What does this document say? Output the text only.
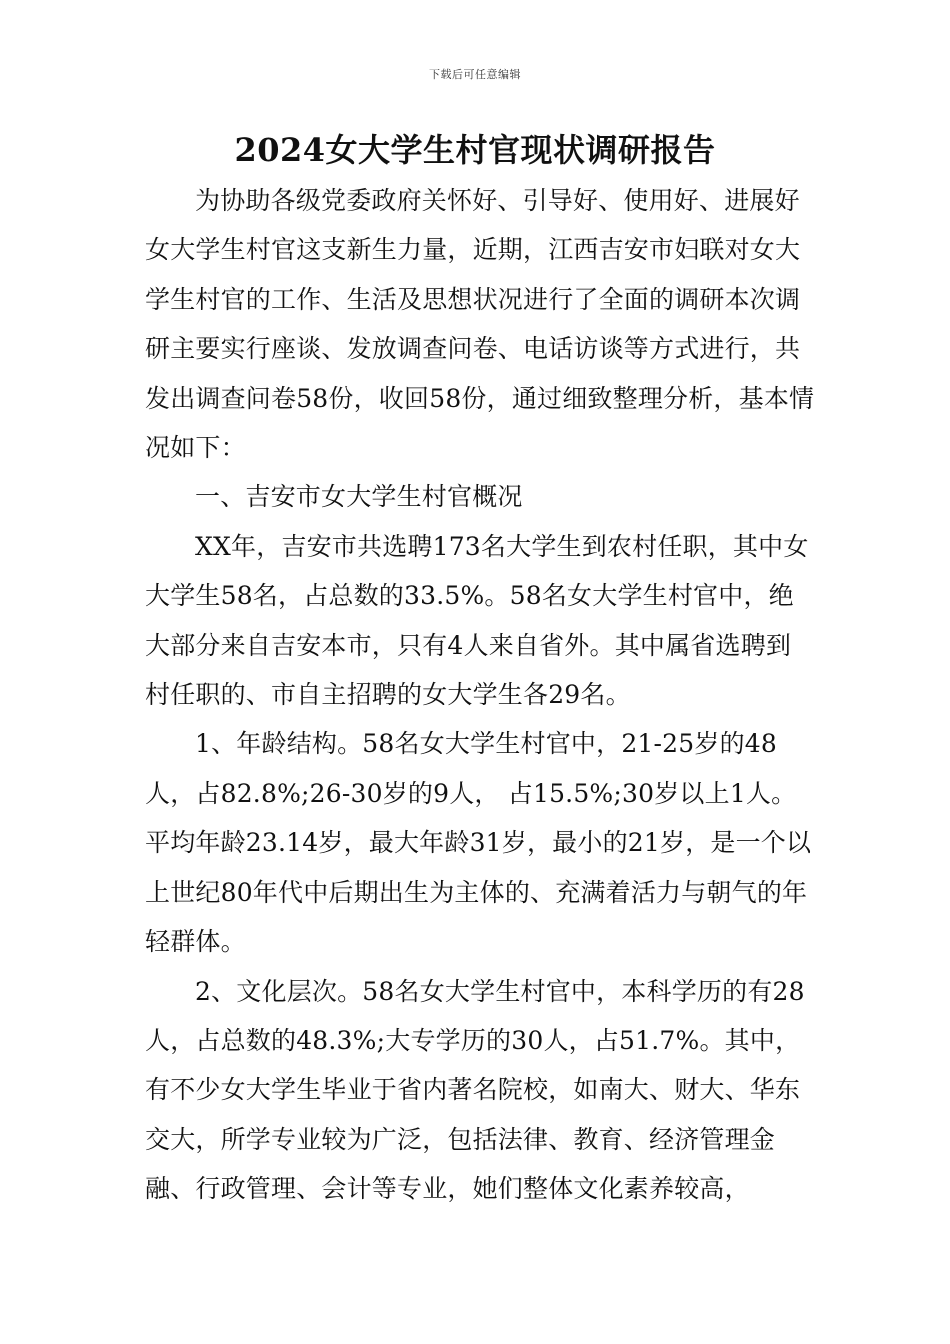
下载后可任意编辑
2024女大学生村官现状调研报告

为协助各级党委政府关怀好、引导好、使用好、进展好女大学生村官这支新生力量，近期，江西吉安市妇联对女大学生村官的工作、生活及思想状况进行了全面的调研本次调研主要实行座谈、发放调查问卷、电话访谈等方式进行，共发出调查问卷58份，收回58份，通过细致整理分析，基本情况如下：

一、吉安市女大学生村官概况

XX年，吉安市共选聘173名大学生到农村任职，其中女大学生58名，占总数的33.5%。58名女大学生村官中，绝大部分来自吉安本市，只有4人来自省外。其中属省选聘到村任职的、市自主招聘的女大学生各29名。

1、年龄结构。58名女大学生村官中，21-25岁的48人，占82.8%;26-30岁的9人， 占15.5%;30岁以上1人。平均年龄23.14岁，最大年龄31岁，最小的21岁，是一个以上世纪80年代中后期出生为主体的、充满着活力与朝气的年轻群体。

2、文化层次。58名女大学生村官中，本科学历的有28人，占总数的48.3%;大专学历的30人，占51.7%。其中，有不少女大学生毕业于省内著名院校，如南大、财大、华东交大，所学专业较为广泛，包括法律、教育、经济管理金融、行政管理、会计等专业，她们整体文化素养较高，
